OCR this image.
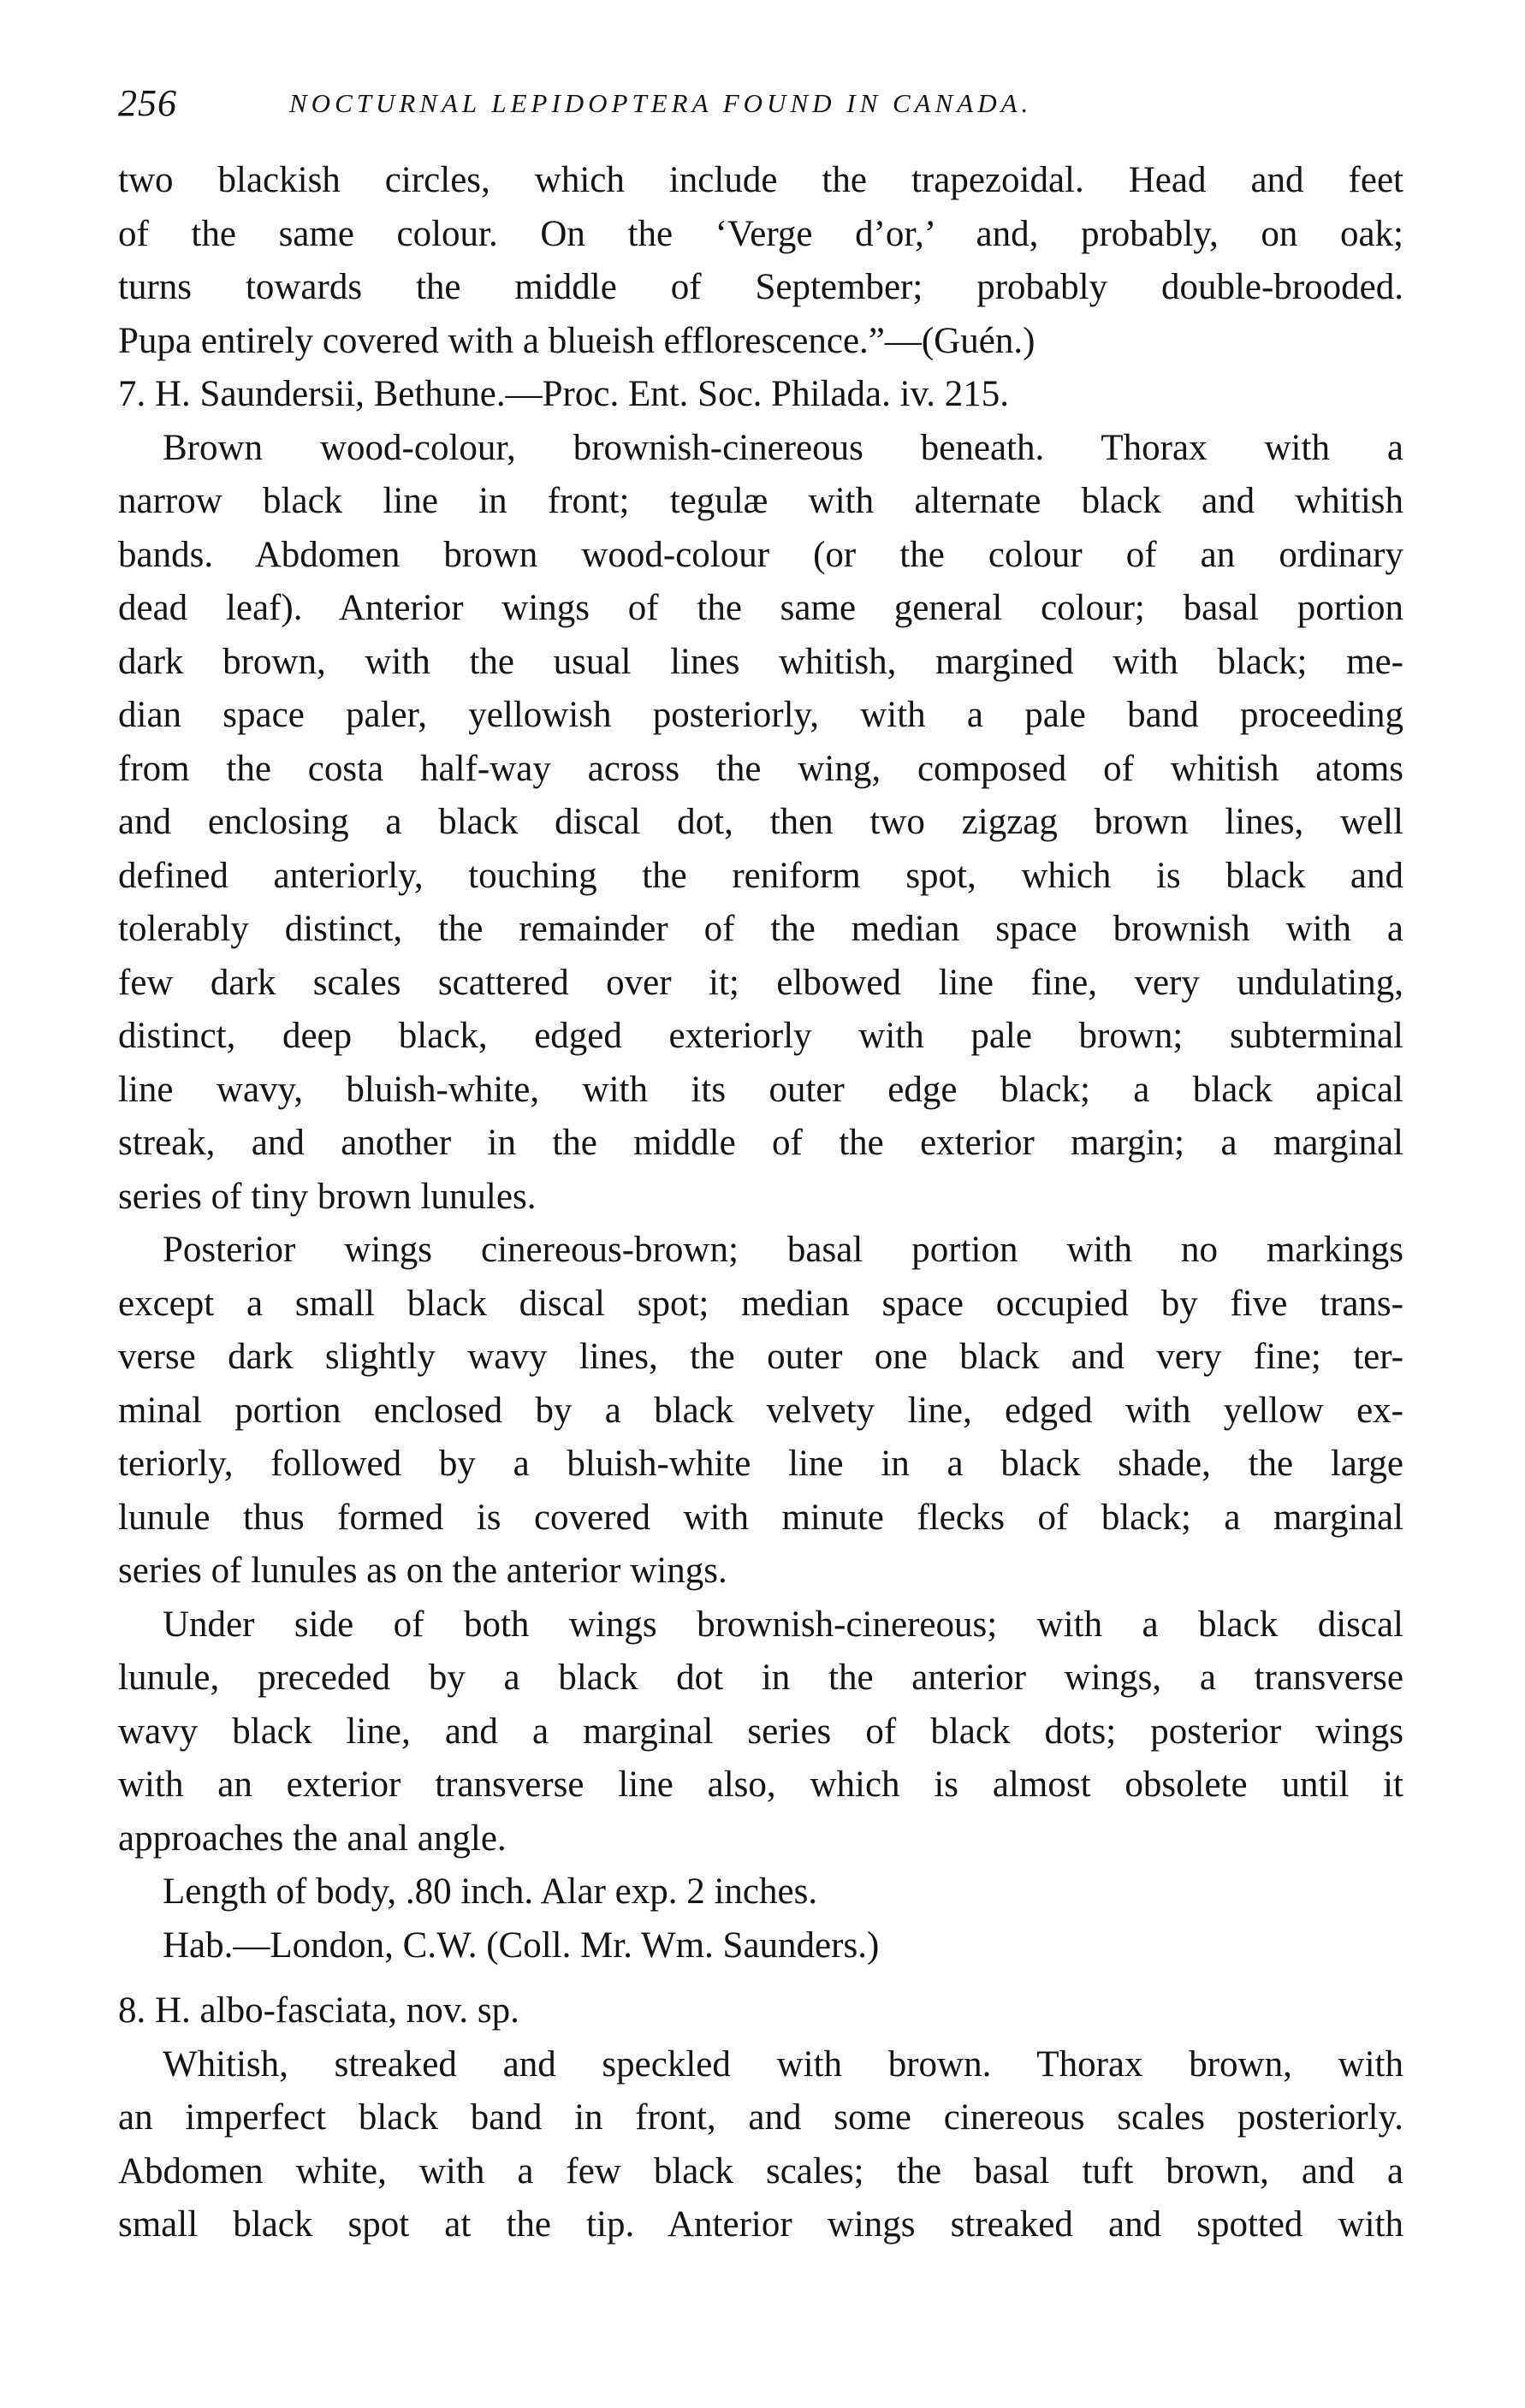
256	NOCTURNAL LEPIDOPTERA FOUND IN CANADA.
two blackish circles, which include the trapezoidal. Head and feet
of the same colour. On the ‘Verge d’or,’ and, probably, on oak;
turns towards the middle of September; probably double-brooded.
Pupa entirely covered with a blueish efflorescence.”—(Guén.)
7. H. Saundersii, Bethune.—Proc. Ent. Soc. Philada. iv. 215.
Brown wood-colour, brownish-cinereous beneath. Thorax with a
narrow black line in front; tegulæ with alternate black and whitish
bands. Abdomen brown wood-colour (or the colour of an ordinary
dead leaf). Anterior wings of the same general colour; basal portion
dark brown, with the usual lines whitish, margined with black; me-
dian space paler, yellowish posteriorly, with a pale band proceeding
from the costa half-way across the wing, composed of whitish atoms
and enclosing a black discal dot, then two zigzag brown lines, well
defined anteriorly, touching the reniform spot, which is black and
tolerably distinct, the remainder of the median space brownish with a
few dark scales scattered over it; elbowed line fine, very undulating,
distinct, deep black, edged exteriorly with pale brown; subterminal
line wavy, bluish-white, with its outer edge black; a black apical
streak, and another in the middle of the exterior margin; a marginal
series of tiny brown lunules.
Posterior wings cinereous-brown; basal portion with no markings
except a small black discal spot; median space occupied by five trans-
verse dark slightly wavy lines, the outer one black and very fine; ter-
minal portion enclosed by a black velvety line, edged with yellow ex-
teriorly, followed by a bluish-white line in a black shade, the large
lunule thus formed is covered with minute flecks of black; a marginal
series of lunules as on the anterior wings.
Under side of both wings brownish-cinereous; with a black discal
lunule, preceded by a black dot in the anterior wings, a transverse
wavy black line, and a marginal series of black dots; posterior wings
with an exterior transverse line also, which is almost obsolete until it
approaches the anal angle.
Length of body, .80 inch. Alar exp. 2 inches.
Hab.—London, C.W. (Coll. Mr. Wm. Saunders.)
8. H. albo-fasciata, nov. sp.
Whitish, streaked and speckled with brown. Thorax brown, with
an imperfect black band in front, and some cinereous scales posteriorly.
Abdomen white, with a few black scales; the basal tuft brown, and a
small black spot at the tip. Anterior wings streaked and spotted with
